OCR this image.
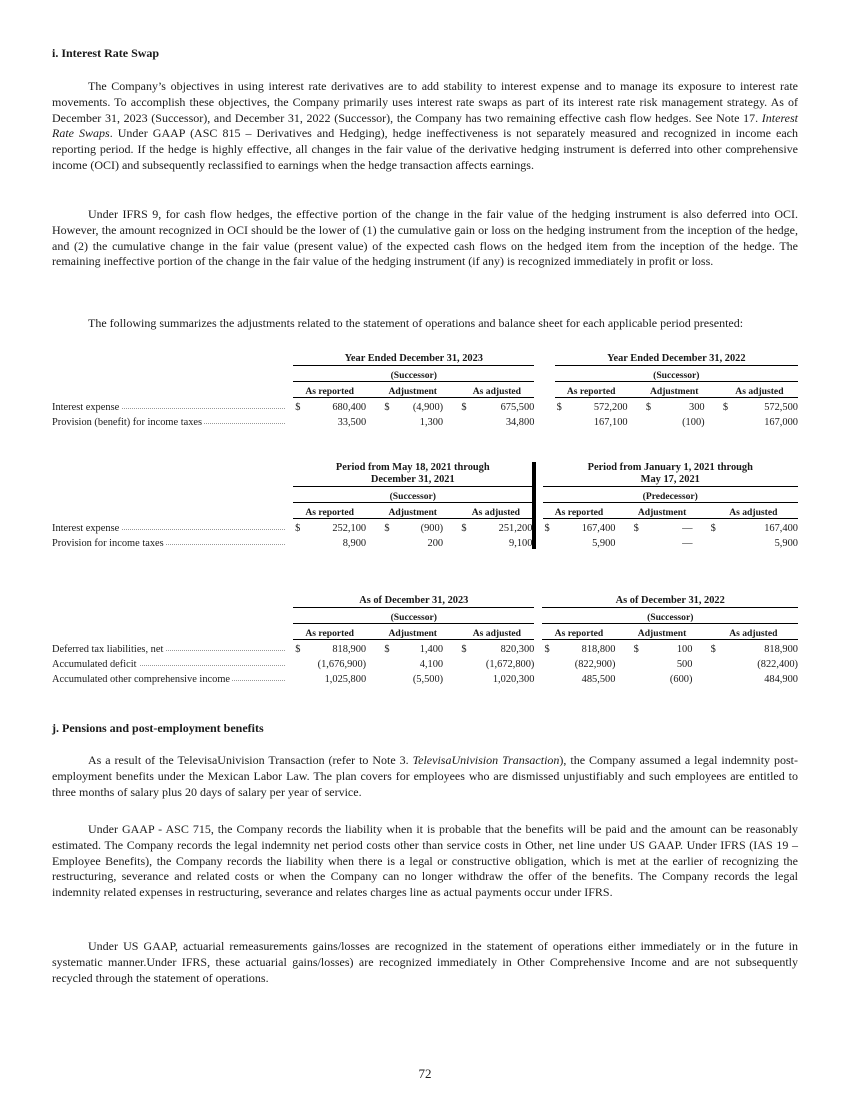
i. Interest Rate Swap

The Company’s objectives in using interest rate derivatives are to add stability to interest expense and to manage its exposure to interest rate movements. To accomplish these objectives, the Company primarily uses interest rate swaps as part of its interest rate risk management strategy. As of December 31, 2023 (Successor), and December 31, 2022 (Successor), the Company has two remaining effective cash flow hedges. See Note 17. Interest Rate Swaps. Under GAAP (ASC 815 – Derivatives and Hedging), hedge ineffectiveness is not separately measured and recognized in income each reporting period. If the hedge is highly effective, all changes in the fair value of the derivative hedging instrument is deferred into other comprehensive income (OCI) and subsequently reclassified to earnings when the hedge transaction affects earnings.

Under IFRS 9, for cash flow hedges, the effective portion of the change in the fair value of the hedging instrument is also deferred into OCI. However, the amount recognized in OCI should be the lower of (1) the cumulative gain or loss on the hedging instrument from the inception of the hedge, and (2) the cumulative change in the fair value (present value) of the expected cash flows on the hedged item from the inception of the hedge. The remaining ineffective portion of the change in the fair value of the hedging instrument (if any) is recognized immediately in profit or loss.

The following summarizes the adjustments related to the statement of operations and balance sheet for each applicable period presented:

		Year Ended December 31, 2023									Year Ended December 31, 2022							
		(Successor)									(Successor)							
		As reported			Adjustment			As adjusted			As reported			Adjustment			As adjusted	
Interest expense		$	680,400		$	(4,900)		$	675,500		$	572,200		$	300		$	572,500
Provision (benefit) for income taxes			33,500			1,300			34,800			167,100			(100)			167,000
		Period from May 18, 2021 through
December 31, 2021									Period from January 1, 2021 through
May 17, 2021							
		(Successor)									(Predecessor)							
		As reported			Adjustment			As adjusted			As reported			Adjustment			As adjusted	
Interest expense		$	252,100		$	(900)		$	251,200		$	167,400		$	—		$	167,400
Provision for income taxes			8,900			200			9,100			5,900			—			5,900
		As of December 31, 2023									As of December 31, 2022							
		(Successor)									(Successor)							
		As reported			Adjustment			As adjusted			As reported			Adjustment			As adjusted	
Deferred tax liabilities, net		$	818,900		$	1,400		$	820,300		$	818,800		$	100		$	818,900
Accumulated deficit			(1,676,900)			4,100			(1,672,800)			(822,900)			500			(822,400)
Accumulated other comprehensive income			1,025,800			(5,500)			1,020,300			485,500			(600)			484,900
j. Pensions and post-employment benefits

As a result of the TelevisaUnivision Transaction (refer to Note 3. TelevisaUnivision Transaction), the Company assumed a legal indemnity post-employment benefits under the Mexican Labor Law. The plan covers for employees who are dismissed unjustifiably and such employees are entitled to three months of salary plus 20 days of salary per year of service.

Under GAAP - ASC 715, the Company records the liability when it is probable that the benefits will be paid and the amount can be reasonably estimated. The Company records the legal indemnity net period costs other than service costs in Other, net line under US GAAP. Under IFRS (IAS 19 – Employee Benefits), the Company records the liability when there is a legal or constructive obligation, which is met at the earlier of recognizing the restructuring, severance and related costs or when the Company can no longer withdraw the offer of the benefits. The Company records the legal indemnity related expenses in restructuring, severance and relates charges line as actual payments occur under IFRS.

Under US GAAP, actuarial remeasurements gains/losses are recognized in the statement of operations either immediately or in the future in systematic manner.Under IFRS, these actuarial gains/losses) are recognized immediately in Other Comprehensive Income and are not subsequently recycled through the statement of operations.

72
